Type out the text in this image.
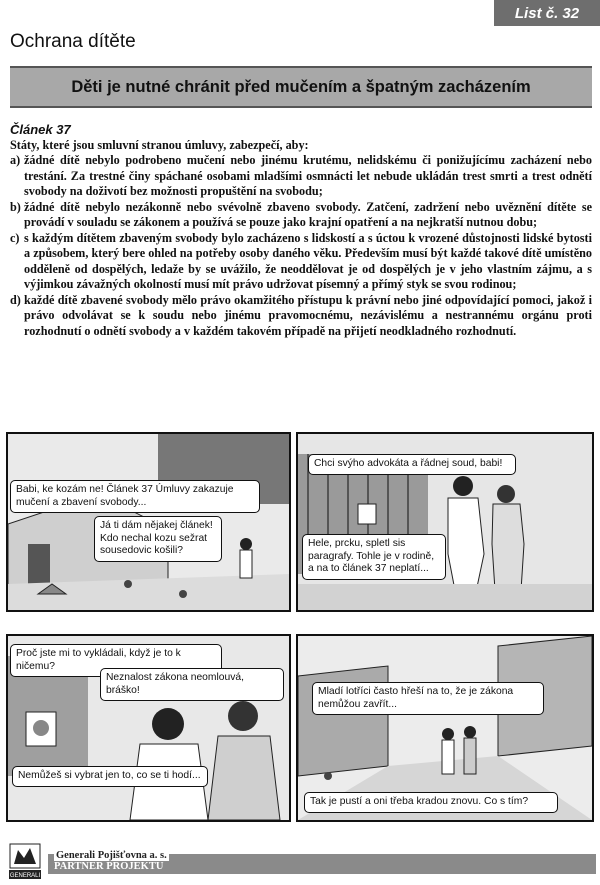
List č. 32
Ochrana dítěte
Děti je nutné chránit před mučením a špatným zacházením
Článek 37
Státy, které jsou smluvní stranou úmluvy, zabezpečí, aby:
a) žádné dítě nebylo podrobeno mučení nebo jinému krutému, nelidskému či ponižujícímu zacházení nebo trestání. Za trestné činy spáchané osobami mladšími osmnácti let nebude ukládán trest smrti a trest odnětí svobody na doživotí bez možnosti propuštění na svobodu;
b) žádné dítě nebylo nezákonně nebo svévolně zbaveno svobody. Zatčení, zadržení nebo uvěznění dítěte se provádí v souladu se zákonem a používá se pouze jako krajní opatření a na nejkratší nutnou dobu;
c) s každým dítětem zbaveným svobody bylo zacházeno s lidskostí a s úctou k vrozené důstojnosti lidské bytosti a způsobem, který bere ohled na potřeby osoby daného věku. Především musí být každé takové dítě umístěno odděleně od dospělých, ledaže by se uvážilo, že neoddělovat je od dospělých je v jeho vlastním zájmu, a s výjimkou závažných okolností musí mít právo udržovat písemný a přímý styk se svou rodinou;
d) každé dítě zbavené svobody mělo právo okamžitého přístupu k právní nebo jiné odpovídající pomoci, jakož i právo odvolávat se k soudu nebo jinému pravomocnému, nezávislému a nestrannému orgánu proti rozhodnutí o odnětí svobody a v každém takovém případě na přijetí neodkladného rozhodnutí.
Babi, ke kozám ne! Článek 37 Úmluvy zakazuje mučení a zbavení svobody...
Já ti dám nějakej článek! Kdo nechal kozu sežrat sousedovic košili?
Chci svýho advokáta a řádnej soud, babi!
Hele, prcku, spletl sis paragrafy. Tohle je v rodině, a na to článek 37 neplatí...
Proč jste mi to vykládali, když je to k ničemu?
Neznalost zákona neomlouvá, bráško!
Nemůžeš si vybrat jen to, co se ti hodí...
Mladí lotříci často hřeší na to, že je zákona nemůžou zavřít...
Tak je pustí a oni třeba kradou znovu. Co s tím?
GENERALI
Generali Pojišťovna a. s.
PARTNER PROJEKTU
